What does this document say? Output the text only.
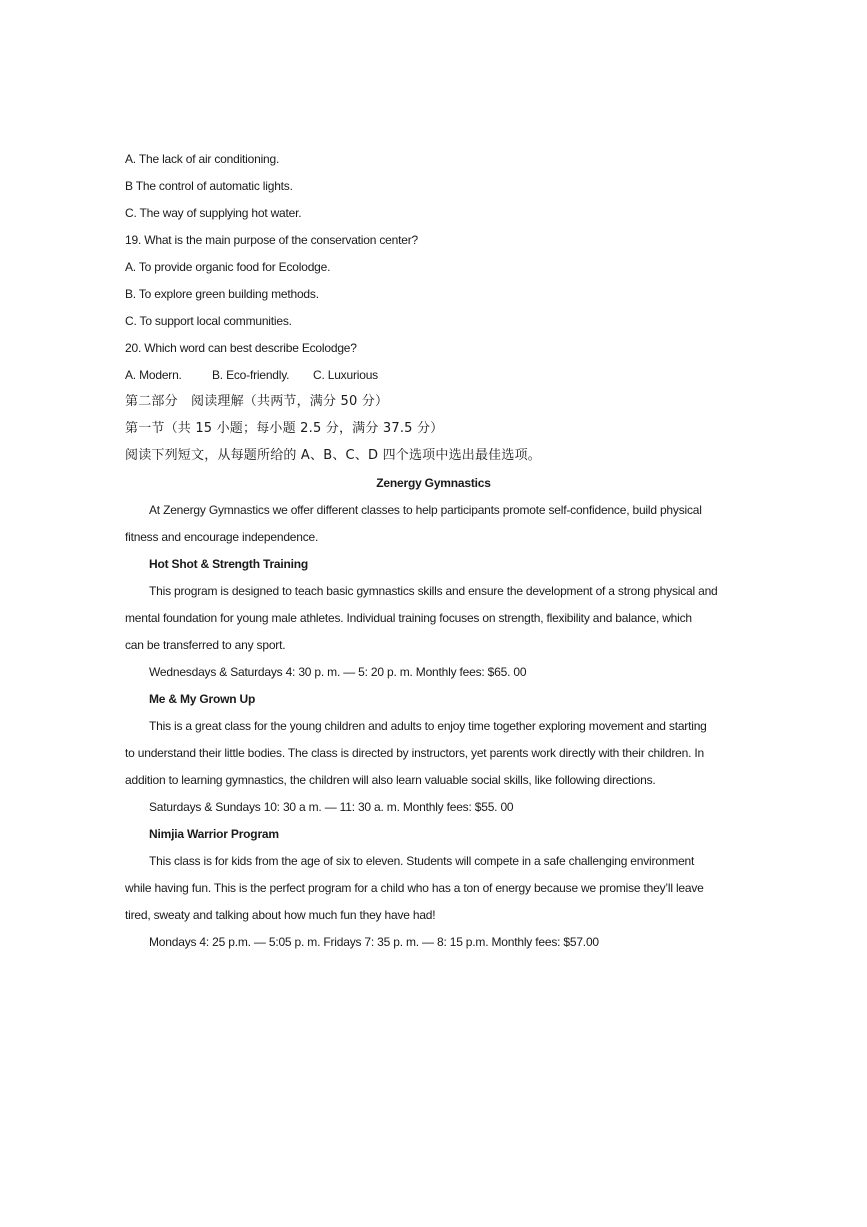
A. The lack of air conditioning.
B The control of automatic lights.
C. The way of supplying hot water.
19. What is the main purpose of the conservation center?
A. To provide organic food for Ecolodge.
B. To explore green building methods.
C. To support local communities.
20. Which word can best describe Ecolodge?
A. Modern.	B. Eco-friendly. C. Luxurious
第二部分　阅读理解（共两节，满分 50 分）
第一节（共 15 小题；每小题 2.5 分，满分 37.5 分）
阅读下列短文，从每题所给的 A、B、C、D 四个选项中选出最佳选项。
Zenergy Gymnastics
At Zenergy Gymnastics we offer different classes to help participants promote self-confidence, build physical
fitness and encourage independence.
Hot Shot & Strength Training
This program is designed to teach basic gymnastics skills and ensure the development of a strong physical and
mental foundation for young male athletes. Individual training focuses on strength, flexibility and balance, which
can be transferred to any sport.
Wednesdays & Saturdays 4: 30 p. m. — 5: 20 p. m. Monthly fees: $65. 00
Me & My Grown Up
This is a great class for the young children and adults to enjoy time together exploring movement and starting
to understand their little bodies. The class is directed by instructors, yet parents work directly with their children. In
addition to learning gymnastics, the children will also learn valuable social skills, like following directions.
Saturdays & Sundays 10: 30 a m. — 11: 30 a. m. Monthly fees: $55. 00
Nimjia Warrior Program
This class is for kids from the age of six to eleven. Students will compete in a safe challenging environment
while having fun. This is the perfect program for a child who has a ton of energy because we promise they’ll leave
tired, sweaty and talking about how much fun they have had!
Mondays 4: 25 p.m. — 5:05 p. m. Fridays 7: 35 p. m. — 8: 15 p.m. Monthly fees: $57.00
